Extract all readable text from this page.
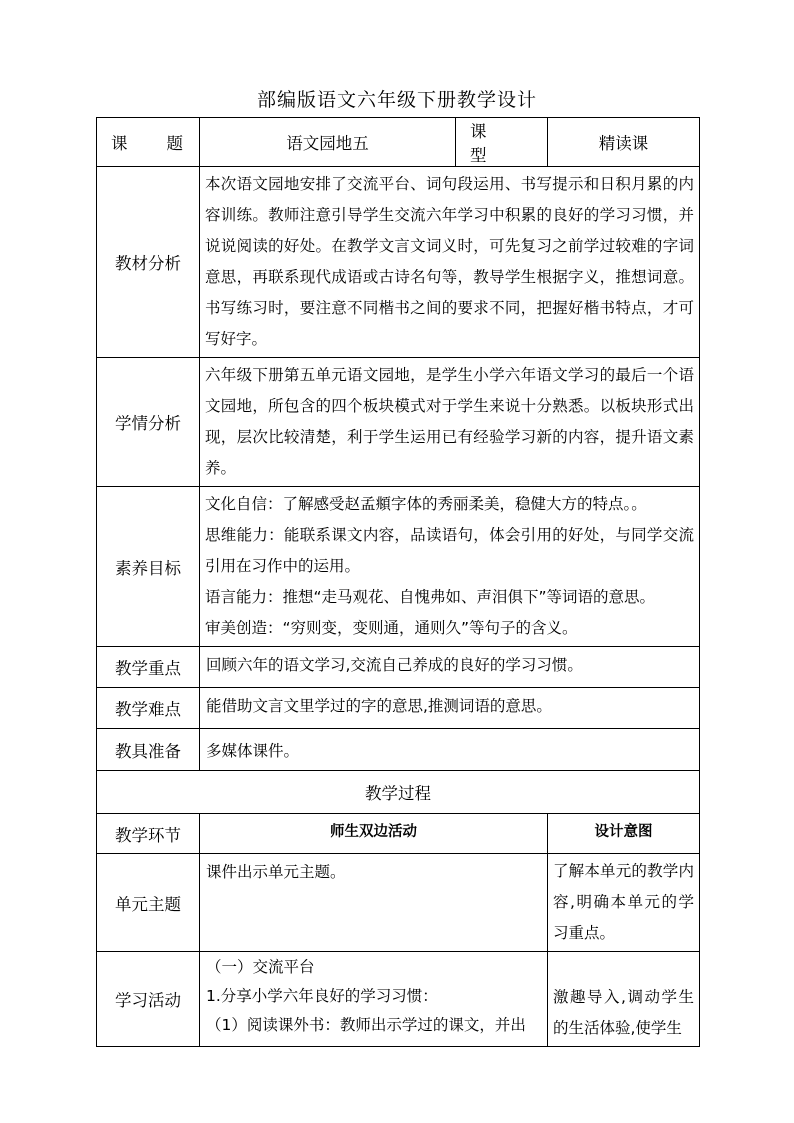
部编版语文六年级下册教学设计
课　　题	语文园地五	课　　型	精读课
教材分析	本次语文园地安排了交流平台、词句段运用、书写提示和日积月累的内容训练。教师注意引导学生交流六年学习中积累的良好的学习习惯，并说说阅读的好处。在教学文言文词义时，可先复习之前学过较难的字词意思，再联系现代成语或古诗名句等，教导学生根据字义，推想词意。书写练习时，要注意不同楷书之间的要求不同，把握好楷书特点，才可写好字。		
学情分析	六年级下册第五单元语文园地，是学生小学六年语文学习的最后一个语文园地，所包含的四个板块模式对于学生来说十分熟悉。以板块形式出现，层次比较清楚，利于学生运用已有经验学习新的内容，提升语文素养。		
素养目标	文化自信：了解感受赵孟頫字体的秀丽柔美，稳健大方的特点。。

思维能力：能联系课文内容，品读语句，体会引用的好处，与同学交流引用在习作中的运用。

语言能力：推想“走马观花、自愧弗如、声泪俱下”等词语的意思。

审美创造：“穷则变，变则通，通则久”等句子的含义。		

教学重点	回顾六年的语文学习,交流自己养成的良好的学习习惯。		
教学难点	能借助文言文里学过的字的意思,推测词语的意思。		
教具准备	多媒体课件。		
教学过程			
教学环节	师生双边活动		设计意图
单元主题	课件出示单元主题。		了解本单元的教学内容,明确本单元的学习重点。
学习活动	（一）交流平台
1.分享小学六年良好的学习习惯：
（1）阅读课外书：教师出示学过的课文，并出		激趣导入,调动学生的生活体验,使学生
